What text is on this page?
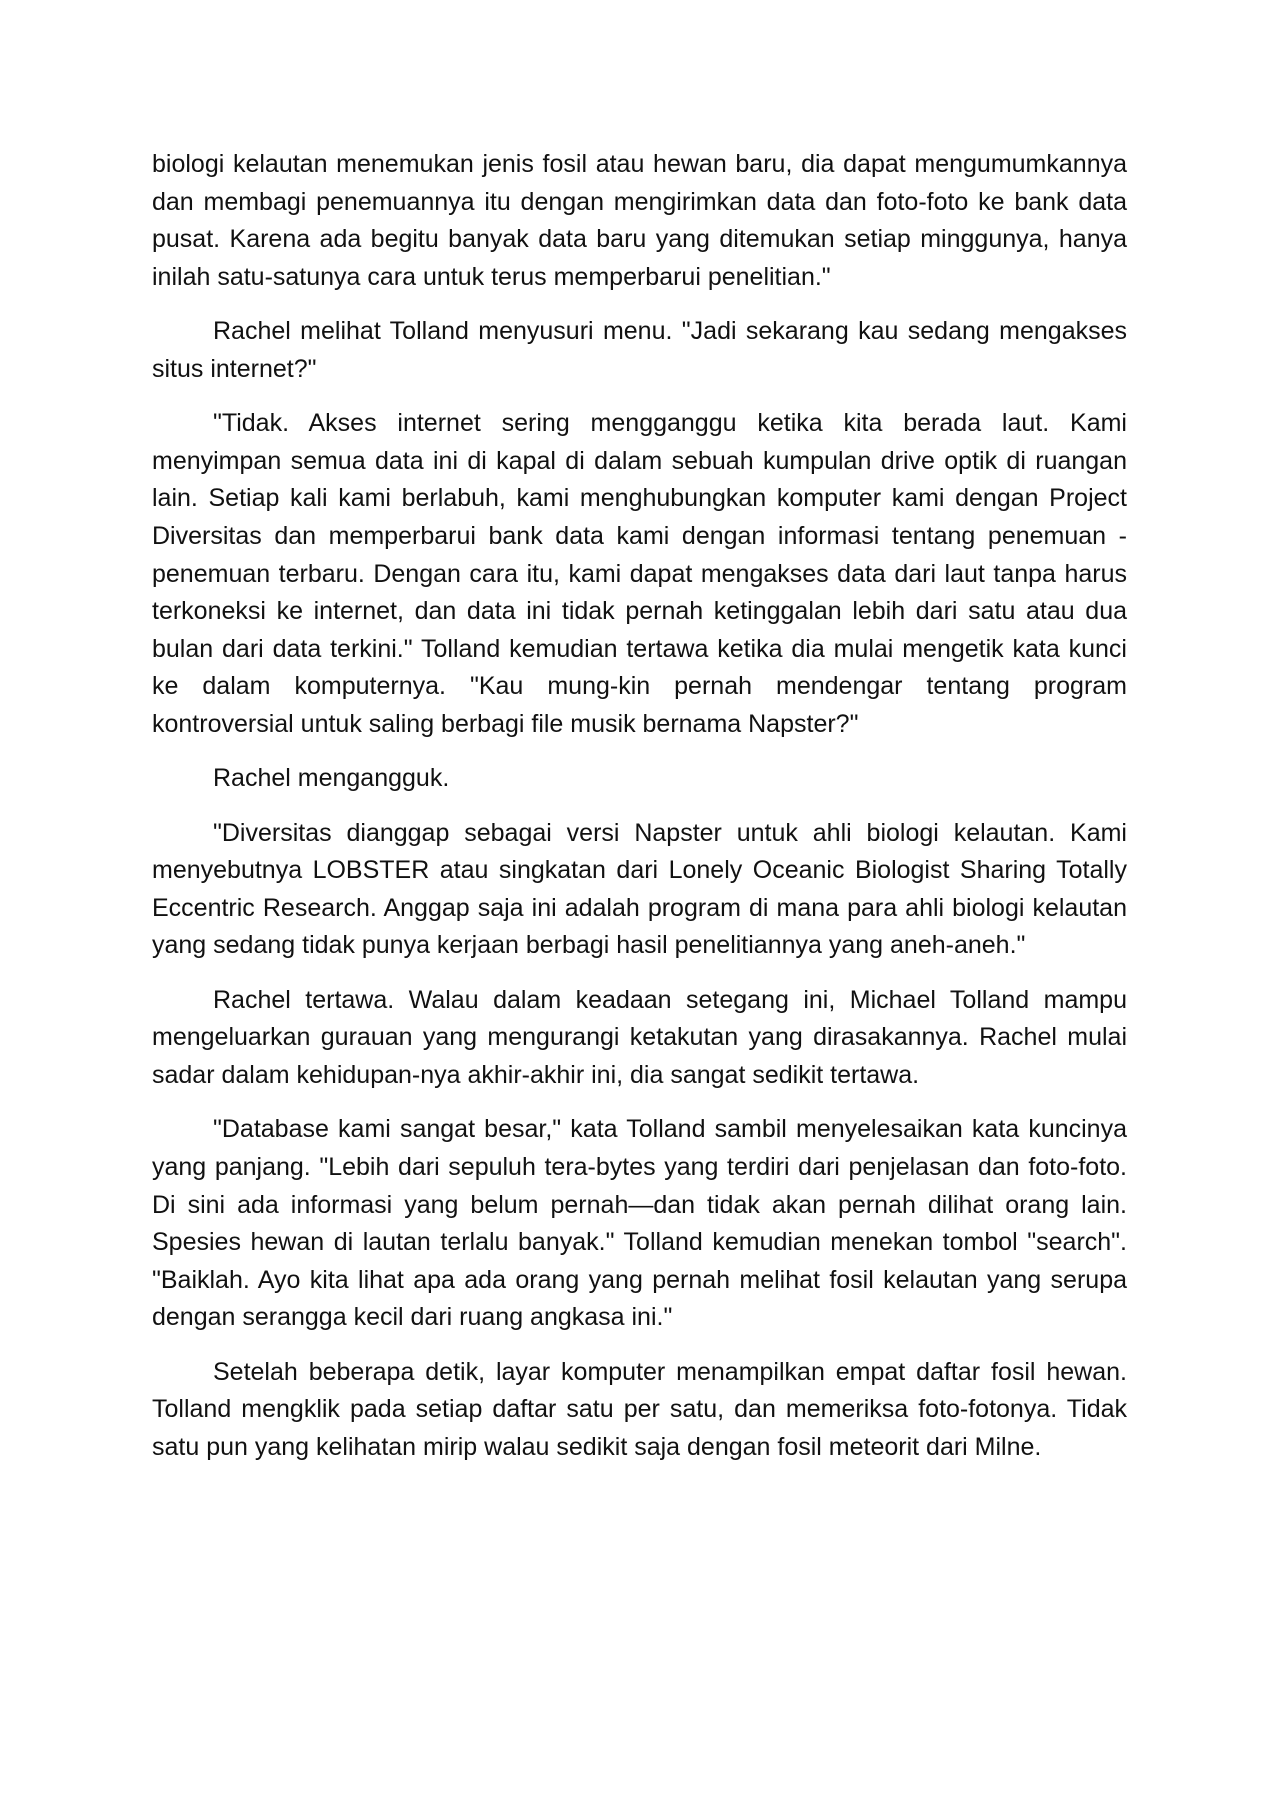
biologi kelautan menemukan jenis fosil atau hewan baru, dia dapat mengumumkannya dan membagi penemuannya itu dengan mengirimkan data dan foto-foto ke bank data pusat. Karena ada begitu banyak data baru yang ditemukan setiap minggunya, hanya inilah satu-satunya cara untuk terus memperbarui penelitian."

Rachel melihat Tolland menyusuri menu. "Jadi sekarang kau sedang mengakses situs internet?"

"Tidak. Akses internet sering mengganggu ketika kita berada laut. Kami menyimpan semua data ini di kapal di dalam sebuah kumpulan drive optik di ruangan lain. Setiap kali kami berlabuh, kami menghubungkan komputer kami dengan Project Diversitas dan memperbarui bank data kami dengan informasi tentang penemuan - penemuan terbaru. Dengan cara itu, kami dapat mengakses data dari laut tanpa harus terkoneksi ke internet, dan data ini tidak pernah ketinggalan lebih dari satu atau dua bulan dari data terkini." Tolland kemudian tertawa ketika dia mulai mengetik kata kunci ke dalam komputernya. "Kau mung-kin pernah mendengar tentang program kontroversial untuk saling berbagi file musik bernama Napster?"

Rachel mengangguk.

"Diversitas dianggap sebagai versi Napster untuk ahli biologi kelautan. Kami menyebutnya LOBSTER atau singkatan dari Lonely Oceanic Biologist Sharing Totally Eccentric Research. Anggap saja ini adalah program di mana para ahli biologi kelautan yang sedang tidak punya kerjaan berbagi hasil penelitiannya yang aneh-aneh."

Rachel tertawa. Walau dalam keadaan setegang ini, Michael Tolland mampu mengeluarkan gurauan yang mengurangi ketakutan yang dirasakannya. Rachel mulai sadar dalam kehidupan-nya akhir-akhir ini, dia sangat sedikit tertawa.

"Database kami sangat besar," kata Tolland sambil menyelesaikan kata kuncinya yang panjang. "Lebih dari sepuluh tera-bytes yang terdiri dari penjelasan dan foto-foto. Di sini ada informasi yang belum pernah—dan tidak akan pernah dilihat orang lain. Spesies hewan di lautan terlalu banyak." Tolland kemudian menekan tombol "search". "Baiklah. Ayo kita lihat apa ada orang yang pernah melihat fosil kelautan yang serupa dengan serangga kecil dari ruang angkasa ini."

Setelah beberapa detik, layar komputer menampilkan empat daftar fosil hewan. Tolland mengklik pada setiap daftar satu per satu, dan memeriksa foto-fotonya. Tidak satu pun yang kelihatan mirip walau sedikit saja dengan fosil meteorit dari Milne.
